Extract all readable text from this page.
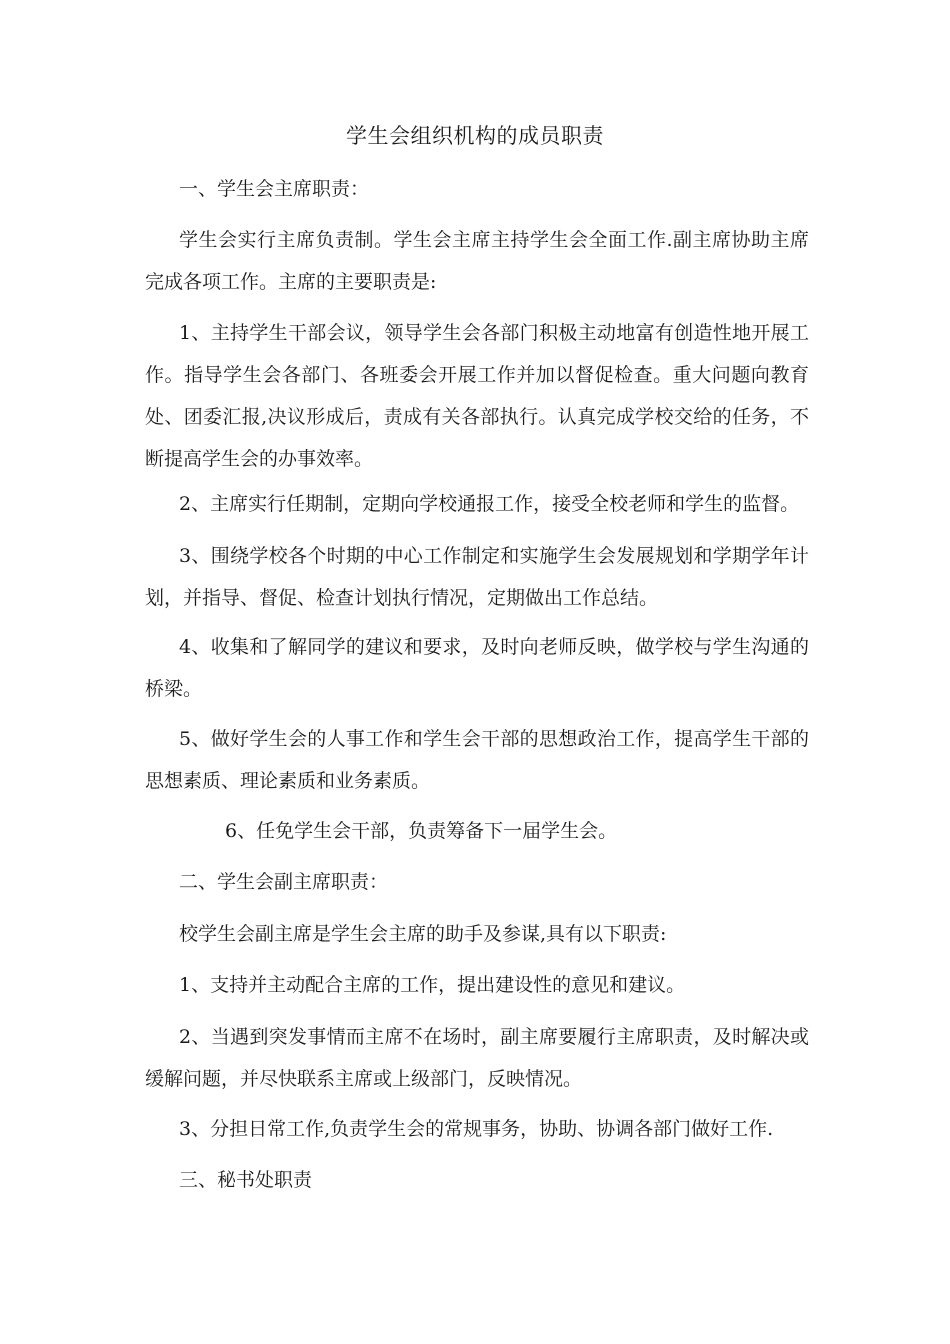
学生会组织机构的成员职责

一、学生会主席职责：

学生会实行主席负责制。学生会主席主持学生会全面工作.副主席协助主席完成各项工作。主席的主要职责是:

1、主持学生干部会议，领导学生会各部门积极主动地富有创造性地开展工作。指导学生会各部门、各班委会开展工作并加以督促检查。重大问题向教育处、团委汇报,决议形成后，责成有关各部执行。认真完成学校交给的任务，不断提高学生会的办事效率。

2、主席实行任期制，定期向学校通报工作，接受全校老师和学生的监督。

3、围绕学校各个时期的中心工作制定和实施学生会发展规划和学期学年计划，并指导、督促、检查计划执行情况，定期做出工作总结。

4、收集和了解同学的建议和要求，及时向老师反映，做学校与学生沟通的桥梁。

5、做好学生会的人事工作和学生会干部的思想政治工作，提高学生干部的思想素质、理论素质和业务素质。

6、任免学生会干部，负责筹备下一届学生会。

二、学生会副主席职责：

校学生会副主席是学生会主席的助手及参谋,具有以下职责:

1、支持并主动配合主席的工作，提出建设性的意见和建议。

2、当遇到突发事情而主席不在场时，副主席要履行主席职责，及时解决或缓解问题，并尽快联系主席或上级部门，反映情况。

3、分担日常工作,负责学生会的常规事务，协助、协调各部门做好工作.

三、秘书处职责
